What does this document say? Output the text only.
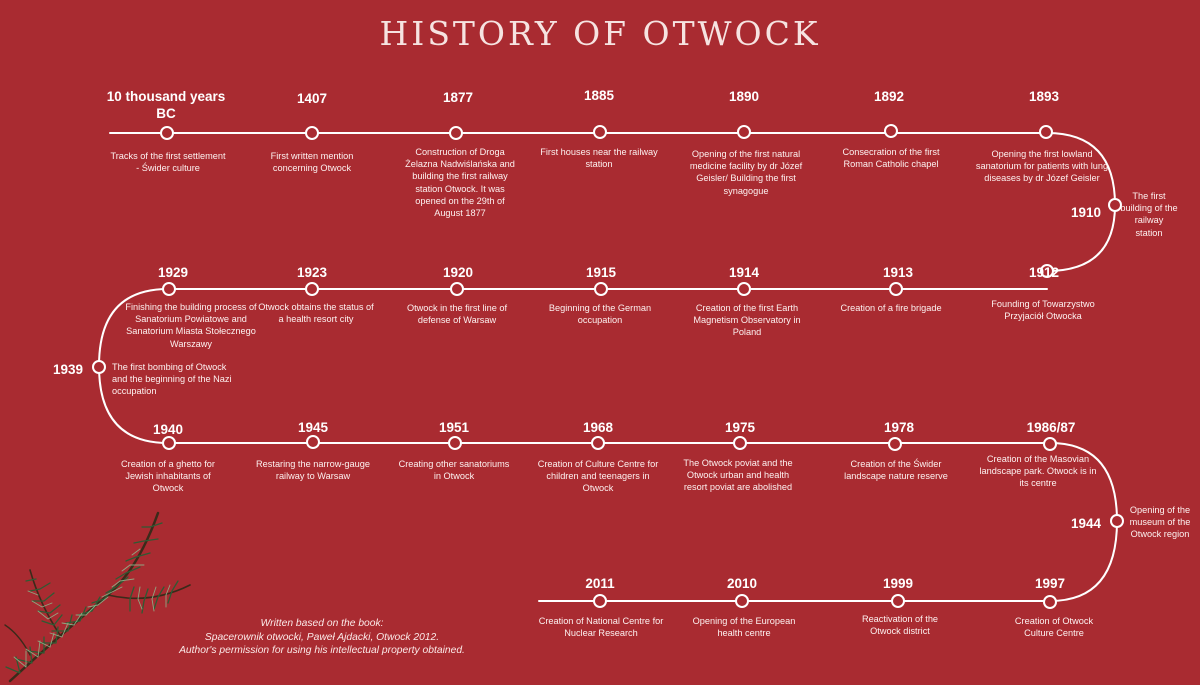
HISTORY OF OTWOCK
10 thousand years BC
Tracks of the first settlement - Świder culture
1407
First written mention concerning Otwock
1877
Construction of Droga Żelazna Nadwiślańska and building the first railway station Otwock. It was opened on the 29th of August 1877
1885
First houses near the railway station
1890
Opening of the first natural medicine facility by dr Józef Geisler/ Building the first synagogue
1892
Consecration of the first Roman Catholic chapel
1893
Opening the first lowland sanatorium for patients with lung diseases by dr Józef Geisler
1910
The first building of the railway station
1912
Founding of Towarzystwo Przyjaciół Otwocka
1913
Creation of a fire brigade
1914
Creation of the first Earth Magnetism Observatory in Poland
1915
Beginning of the German occupation
1920
Otwock in the first line of defense of Warsaw
1923
Otwock obtains the status of a health resort city
1929
Finishing the building process of Sanatorium Powiatowe and Sanatorium Miasta Stołecznego Warszawy
1939	The first bombing of Otwock and the beginning of the Nazi occupation
1940
Creation of a ghetto for Jewish inhabitants of Otwock
1945
Restaring the narrow-gauge railway to Warsaw
1951
Creating other sanatoriums in Otwock
1968
Creation of Culture Centre for children and teenagers in Otwock
1975
The Otwock poviat and the Otwock urban and health resort poviat are abolished
1978
Creation of the Świder landscape nature reserve
1986/87
Creation of the Masovian landscape park. Otwock is in its centre
1944
Opening of the museum of the Otwock region
1997
Creation of Otwock Culture Centre
1999
Reactivation of the Otwock district
2010
Opening of the European health centre
2011
Creation of National Centre for Nuclear Research
Written based on the book:
Spacerownik otwocki, Paweł Ajdacki, Otwock 2012.
Author's permission for using his intellectual property obtained.
